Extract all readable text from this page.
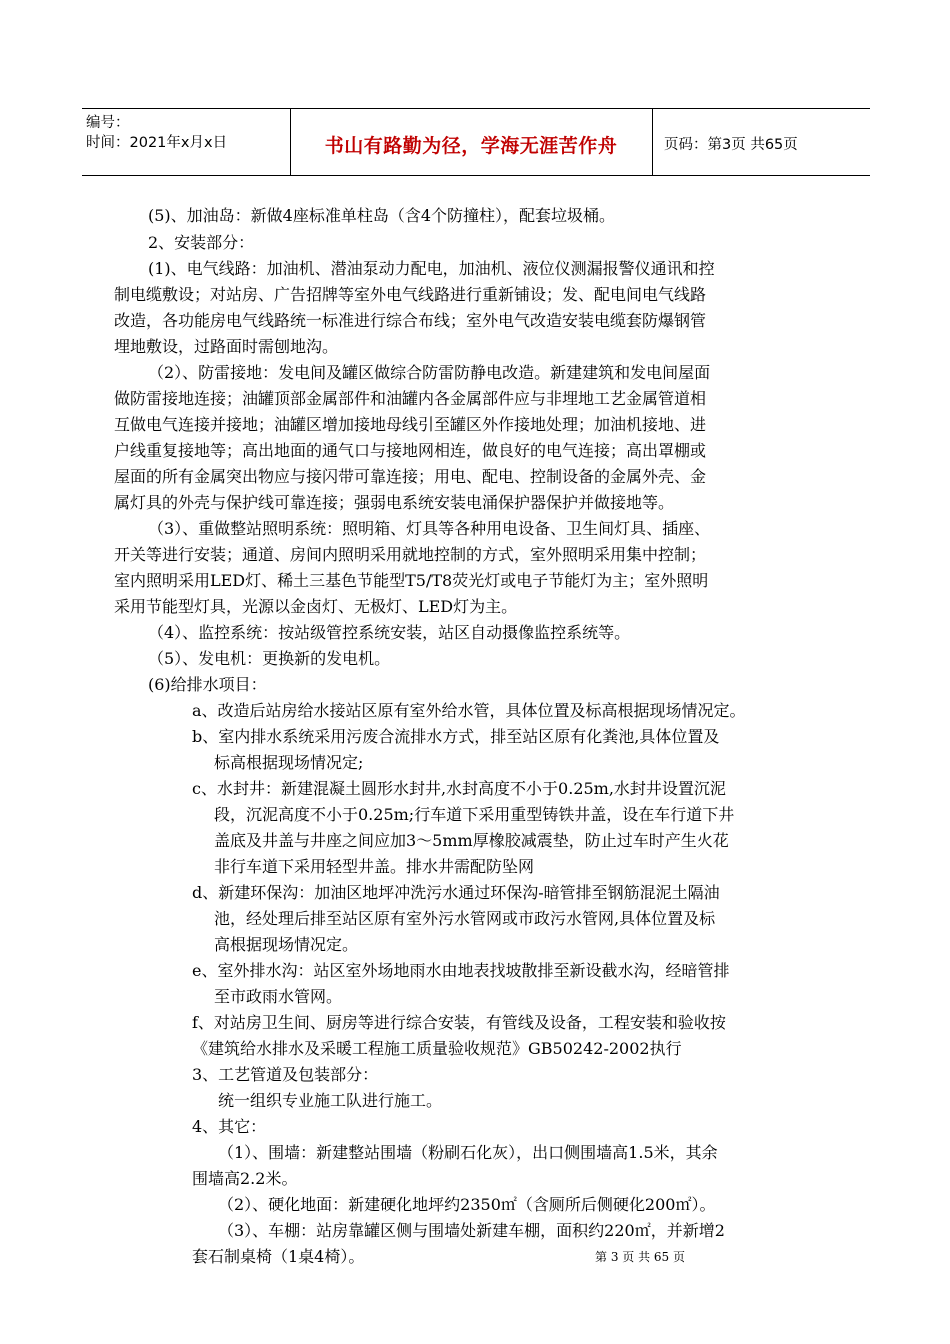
编号：
时间：2021年x月x日	书山有路勤为径，学海无涯苦作舟	页码：第3页 共65页
(5)、加油岛：新做4座标准单柱岛（含4个防撞柱），配套垃圾桶。
2、安装部分：
(1)、电气线路：加油机、潜油泵动力配电，加油机、液位仪测漏报警仪通讯和控
制电缆敷设；对站房、广告招牌等室外电气线路进行重新铺设；发、配电间电气线路
改造，各功能房电气线路统一标准进行综合布线；室外电气改造安装电缆套防爆钢管
埋地敷设，过路面时需刨地沟。
（2）、防雷接地：发电间及罐区做综合防雷防静电改造。新建建筑和发电间屋面
做防雷接地连接；油罐顶部金属部件和油罐内各金属部件应与非埋地工艺金属管道相
互做电气连接并接地；油罐区增加接地母线引至罐区外作接地处理；加油机接地、进
户线重复接地等；高出地面的通气口与接地网相连，做良好的电气连接；高出罩棚或
屋面的所有金属突出物应与接闪带可靠连接；用电、配电、控制设备的金属外壳、金
属灯具的外壳与保护线可靠连接；强弱电系统安装电涌保护器保护并做接地等。
（3）、重做整站照明系统：照明箱、灯具等各种用电设备、卫生间灯具、插座、
开关等进行安装；通道、房间内照明采用就地控制的方式，室外照明采用集中控制；
室内照明采用LED灯、稀土三基色节能型T5/T8荧光灯或电子节能灯为主；室外照明
采用节能型灯具，光源以金卤灯、无极灯、LED灯为主。
（4）、监控系统：按站级管控系统安装，站区自动摄像监控系统等。
（5）、发电机：更换新的发电机。
(6)给排水项目：
a、改造后站房给水接站区原有室外给水管，具体位置及标高根据现场情况定。
b、室内排水系统采用污废合流排水方式，排至站区原有化粪池,具体位置及
标高根据现场情况定;
c、水封井：新建混凝土圆形水封井,水封高度不小于0.25m,水封井设置沉泥
段，沉泥高度不小于0.25m;行车道下采用重型铸铁井盖，设在车行道下井
盖底及井盖与井座之间应加3～5mm厚橡胶减震垫，防止过车时产生火花
非行车道下采用轻型井盖。排水井需配防坠网
d、新建环保沟：加油区地坪冲洗污水通过环保沟-暗管排至钢筋混泥土隔油
池，经处理后排至站区原有室外污水管网或市政污水管网,具体位置及标
高根据现场情况定。
e、室外排水沟：站区室外场地雨水由地表找坡散排至新设截水沟，经暗管排
至市政雨水管网。
f、对站房卫生间、厨房等进行综合安装，有管线及设备，工程安装和验收按
《建筑给水排水及采暖工程施工质量验收规范》GB50242-2002执行
3、工艺管道及包装部分：
统一组织专业施工队进行施工。
4、其它：
（1）、围墙：新建整站围墙（粉刷石化灰），出口侧围墙高1.5米，其余
围墙高2.2米。
（2）、硬化地面：新建硬化地坪约2350㎡（含厕所后侧硬化200㎡）。
（3）、车棚：站房靠罐区侧与围墙处新建车棚，面积约220㎡，并新增2
套石制桌椅（1桌4椅）。	第 3 页 共 65 页
